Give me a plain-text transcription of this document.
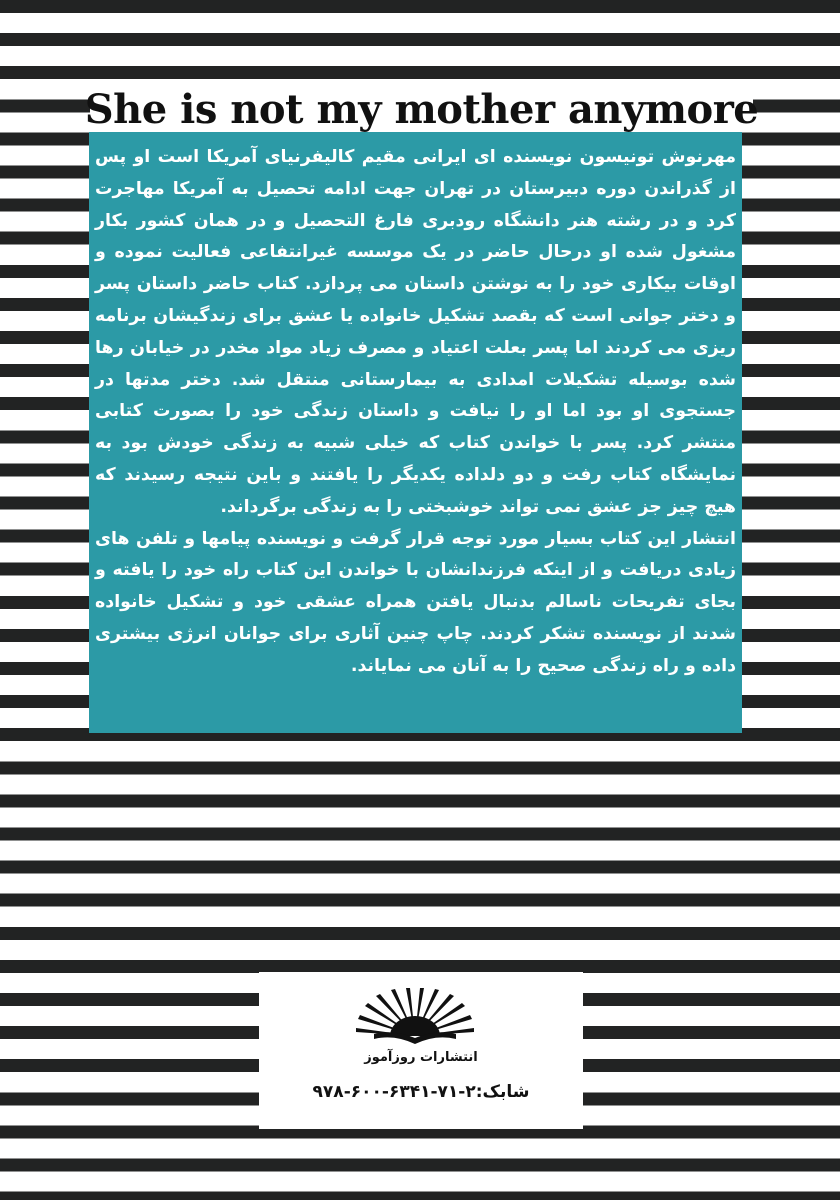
She is not my mother anymore

مهرنوش تونیسون نویسنده ای ایرانی مقیم کالیفرنیای آمریکا است او پس از گذراندن دوره دبیرستان در تهران جهت ادامه تحصیل به آمریکا مهاجرت کرد و در رشته هنر دانشگاه رودبری فارغ التحصیل و در همان کشور بکار مشغول شده او درحال حاضر در یک موسسه غیرانتفاعی فعالیت نموده و اوقات بیکاری خود را به نوشتن داستان می پردازد. کتاب حاضر داستان پسر و دختر جوانی است که بقصد تشکیل خانواده یا عشق برای زندگیشان برنامه ریزی می کردند اما پسر بعلت اعتیاد و مصرف زیاد مواد مخدر در خیابان رها شده بوسیله تشکیلات امدادی به بیمارستانی منتقل شد. دختر مدتها در جستجوی او بود اما او را نیافت و داستان زندگی خود را بصورت کتابی منتشر کرد. پسر با خواندن کتاب که خیلی شبیه به زندگی خودش بود به نمایشگاه کتاب رفت و دو دلداده یکدیگر را یافتند و باین نتیجه رسیدند که هیچ چیز جز عشق نمی تواند خوشبختی را به زندگی برگرداند.

انتشار این کتاب بسیار مورد توجه قرار گرفت و نویسنده پیامها و تلفن های زیادی دریافت و از اینکه فرزندانشان با خواندن این کتاب راه خود را یافته و بجای تفریحات ناسالم بدنبال یافتن همراه عشقی خود و تشکیل خانواده شدند از نویسنده تشکر کردند. چاپ چنین آثاری برای جوانان انرژی بیشتری داده و راه زندگی صحیح را به آنان می نمایاند.

انتشارات روزآموز
شابک:۲-۷۱-۶۳۴۱-۶۰۰-۹۷۸
